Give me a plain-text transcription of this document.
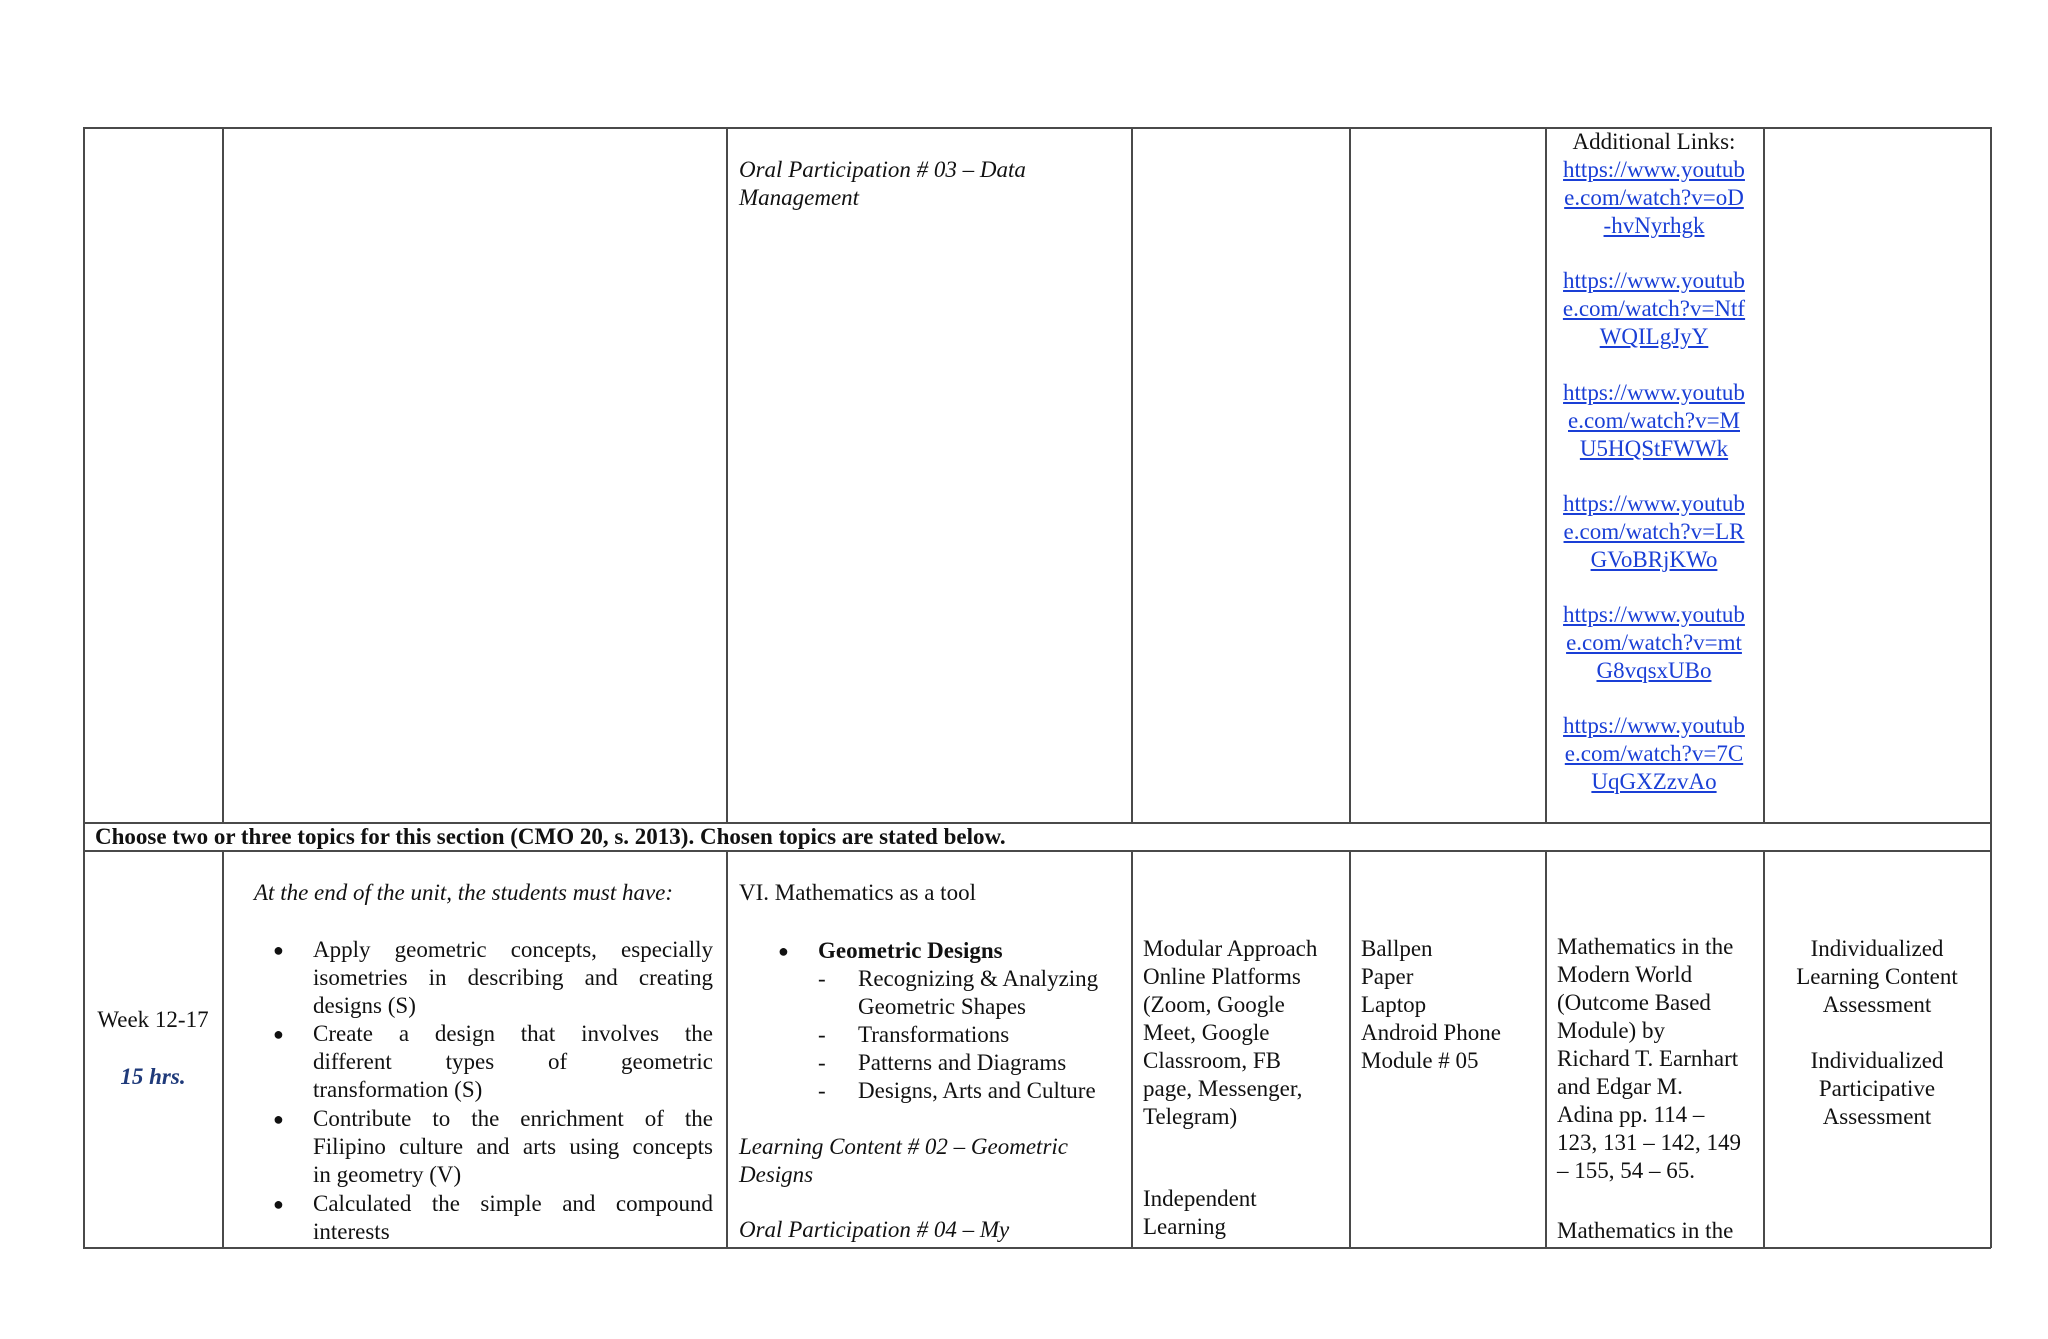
Oral Participation # 03 – Data
Management
Additional Links:
https://www.youtub
e.com/watch?v=oD
-hvNyrhgk
https://www.youtub
e.com/watch?v=Ntf
WQILgJyY
https://www.youtub
e.com/watch?v=M
U5HQStFWWk
https://www.youtub
e.com/watch?v=LR
GVoBRjKWo
https://www.youtub
e.com/watch?v=mt
G8vqsxUBo
https://www.youtub
e.com/watch?v=7C
UqGXZzvAo
Choose two or three topics for this section (CMO 20, s. 2013). Chosen topics are stated below.
Week 12-17
15 hrs.
At the end of the unit, the students must have:
● Apply geometric concepts, especially
isometries in describing and creating
designs (S)
● Create a design that involves the
different types of geometric
transformation (S)
● Contribute to the enrichment of the
Filipino culture and arts using concepts
in geometry (V)
● Calculated the simple and compound
interests
VI. Mathematics as a tool
● Geometric Designs
- Recognizing & Analyzing
Geometric Shapes
- Transformations
- Patterns and Diagrams
- Designs, Arts and Culture
Learning Content # 02 – Geometric
Designs
Oral Participation # 04 – My
Modular Approach
Online Platforms
(Zoom, Google
Meet, Google
Classroom, FB
page, Messenger,
Telegram)
Independent
Learning
Ballpen
Paper
Laptop
Android Phone
Module # 05
Mathematics in the
Modern World
(Outcome Based
Module) by
Richard T. Earnhart
and Edgar M.
Adina pp. 114 –
123, 131 – 142, 149
– 155, 54 – 65.
Mathematics in the
Individualized
Learning Content
Assessment
Individualized
Participative
Assessment
